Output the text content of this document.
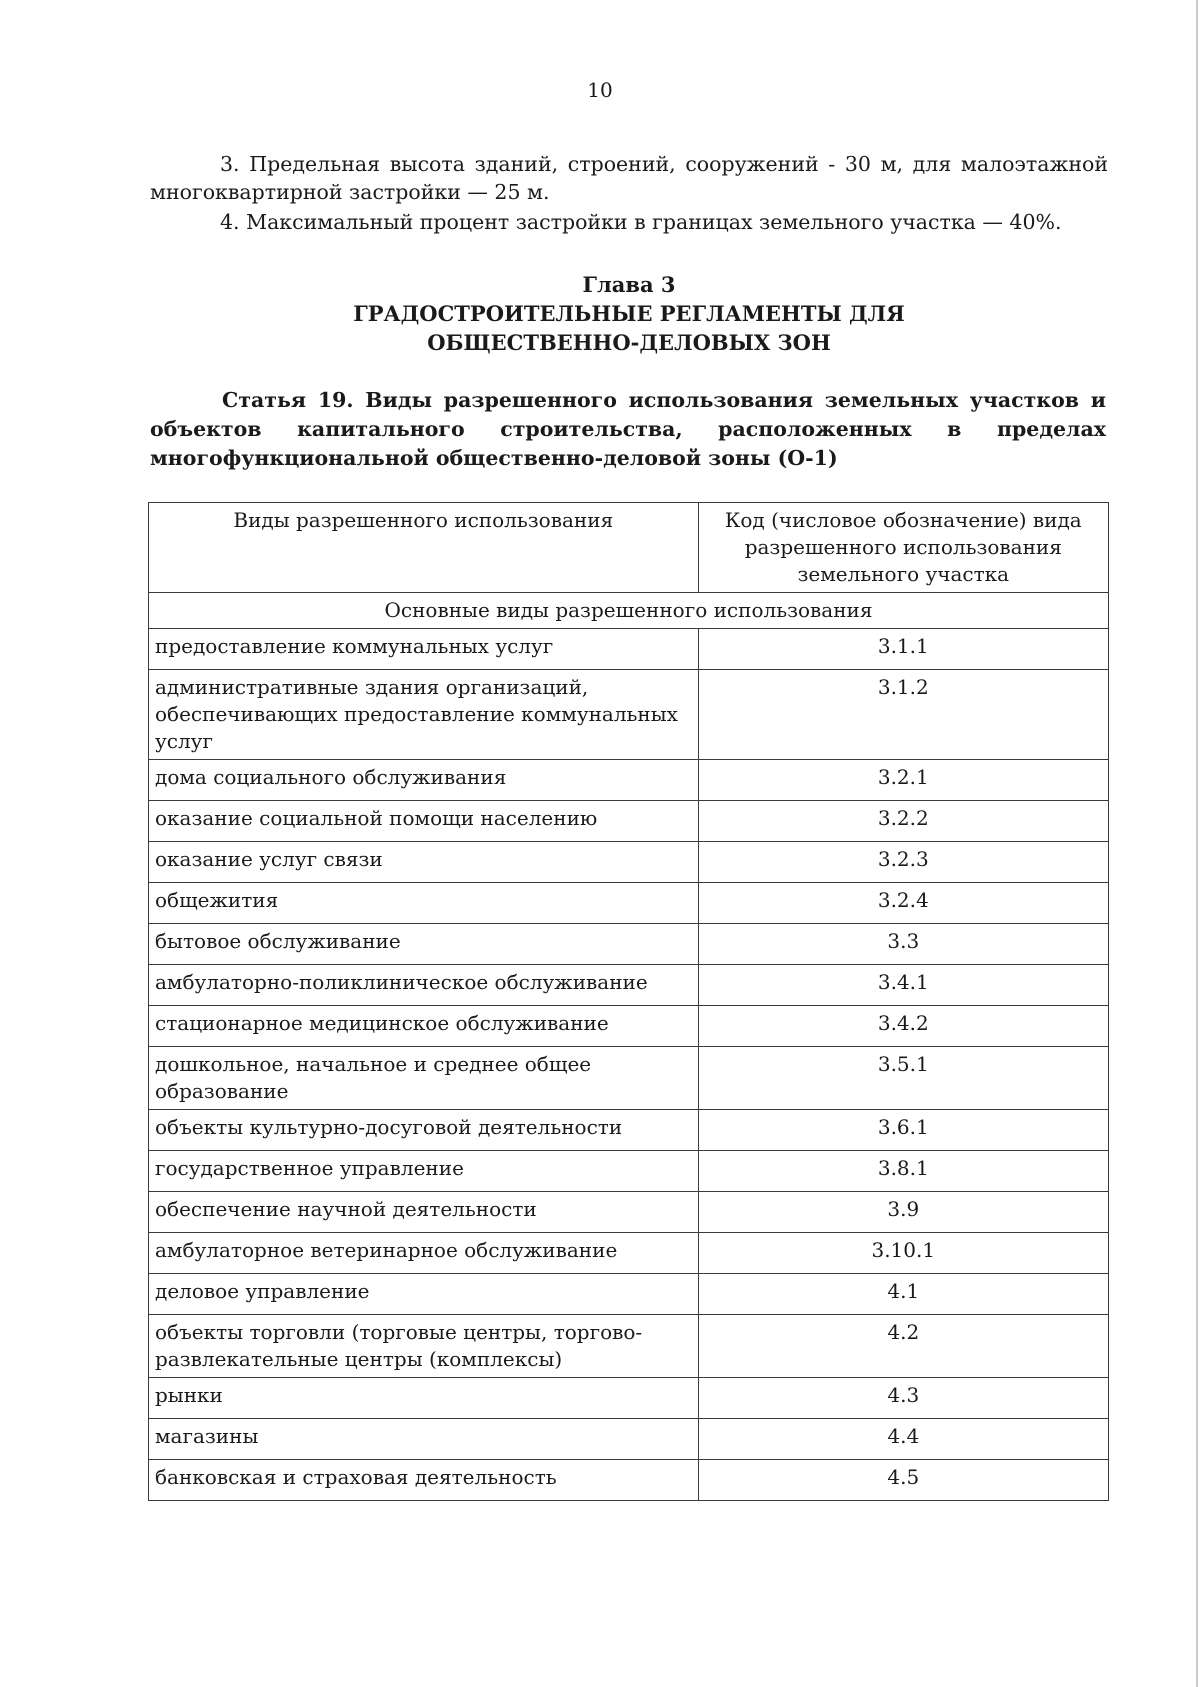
10
3. Предельная высота зданий, строений, сооружений - 30 м, для малоэтажной многоквартирной застройки — 25 м.
4. Максимальный процент застройки в границах земельного участка — 40%.
Глава 3
ГРАДОСТРОИТЕЛЬНЫЕ РЕГЛАМЕНТЫ ДЛЯ
ОБЩЕСТВЕННО-ДЕЛОВЫХ ЗОН
Статья 19. Виды разрешенного использования земельных участков и объектов капитального строительства, расположенных в пределах многофункциональной общественно-деловой зоны (О-1)
Виды разрешенного использования	Код (числовое обозначение) вида разрешенного использования земельного участка
Основные виды разрешенного использования	
предоставление коммунальных услуг	3.1.1
административные здания организаций, обеспечивающих предоставление коммунальных услуг	3.1.2
дома социального обслуживания	3.2.1
оказание социальной помощи населению	3.2.2
оказание услуг связи	3.2.3
общежития	3.2.4
бытовое обслуживание	3.3
амбулаторно-поликлиническое обслуживание	3.4.1
стационарное медицинское обслуживание	3.4.2
дошкольное, начальное и среднее общее образование	3.5.1
объекты культурно-досуговой деятельности	3.6.1
государственное управление	3.8.1
обеспечение научной деятельности	3.9
амбулаторное ветеринарное обслуживание	3.10.1
деловое управление	4.1
объекты торговли (торговые центры, торгово-развлекательные центры (комплексы)	4.2
рынки	4.3
магазины	4.4
банковская и страховая деятельность	4.5
